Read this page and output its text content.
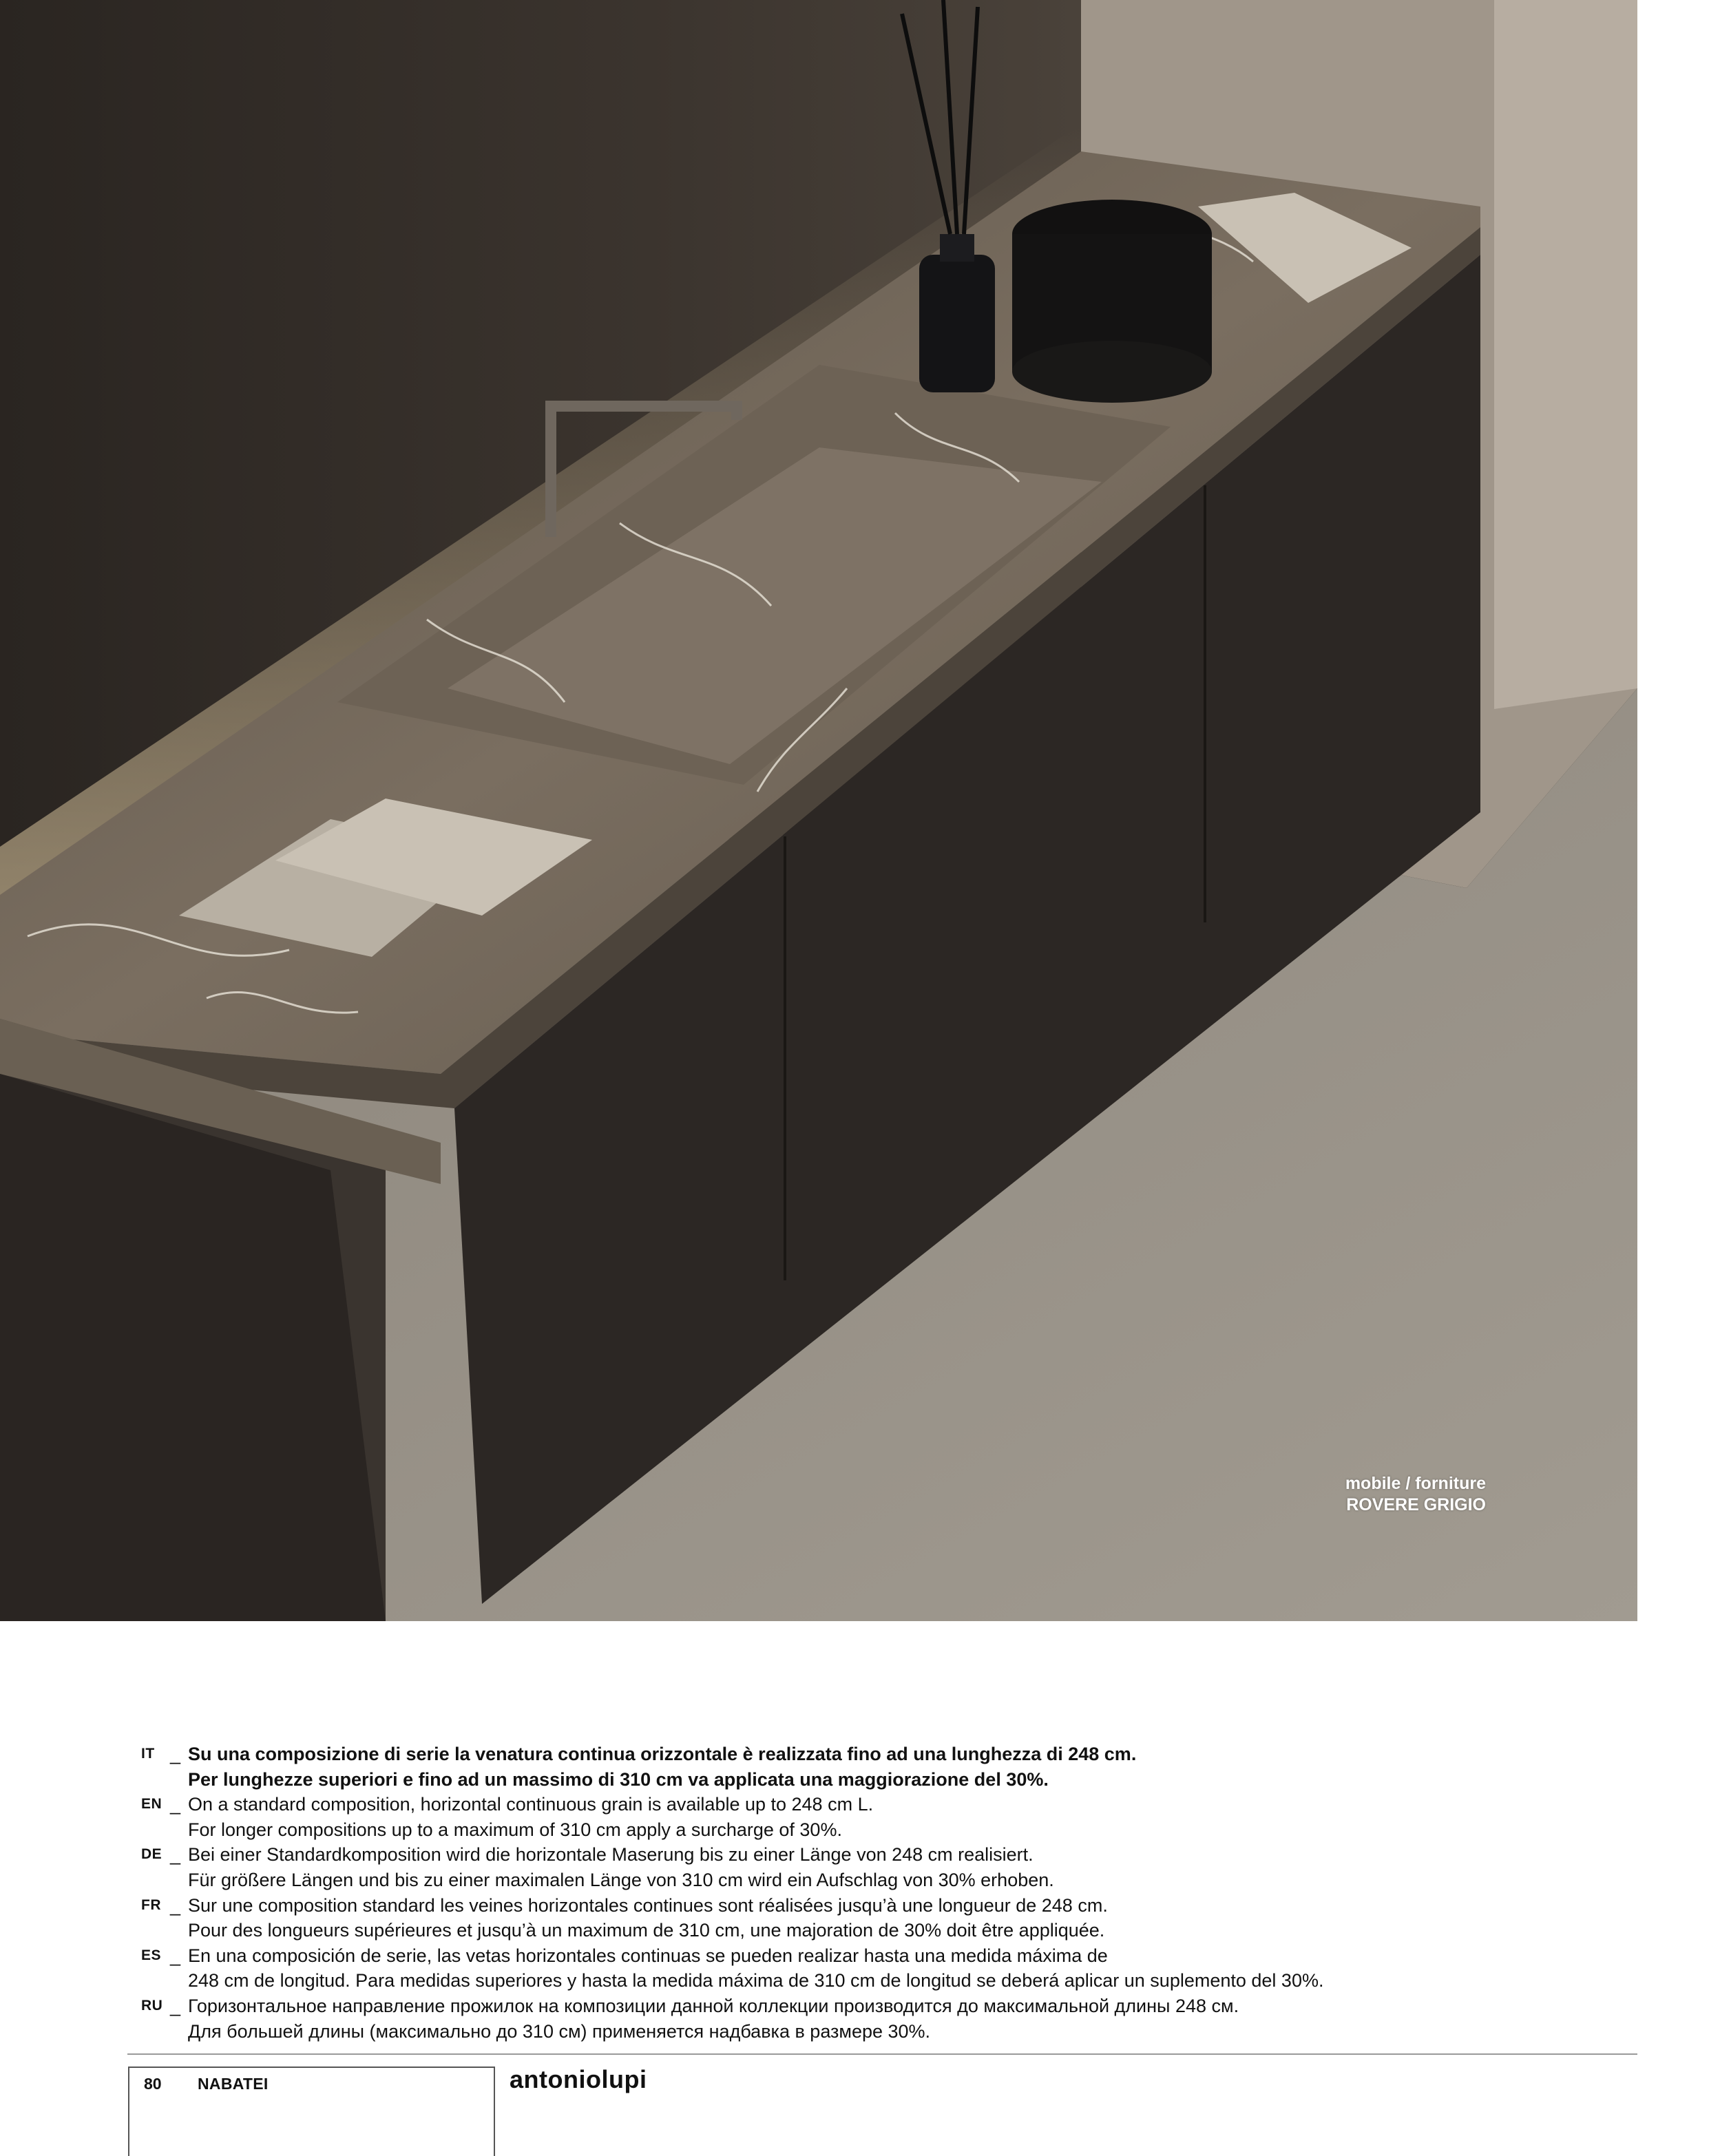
mobile / forniture
ROVERE GRIGIO
IT _ Su una composizione di serie la venatura continua orizzontale è realizzata fino ad una lunghezza di 248 cm.
Per lunghezze superiori e fino ad un massimo di 310 cm va applicata una maggiorazione del 30%.
EN _ On a standard composition, horizontal continuous grain is available up to 248 cm L.
For longer compositions up to a maximum of 310 cm apply a surcharge of 30%.
DE _ Bei einer Standardkomposition wird die horizontale Maserung bis zu einer Länge von 248 cm realisiert.
Für größere Längen und bis zu einer maximalen Länge von 310 cm wird ein Aufschlag von 30% erhoben.
FR _ Sur une composition standard les veines horizontales continues sont réalisées jusqu’à une longueur de 248 cm.
Pour des longueurs supérieures et jusqu’à un maximum de 310 cm, une majoration de 30% doit être appliquée.
ES _ En una composición de serie, las vetas horizontales continuas se pueden realizar hasta una medida máxima de
248 cm de longitud. Para medidas superiores y hasta la medida máxima de 310 cm de longitud se deberá aplicar un suplemento del 30%.
RU _ Горизонтальное направление прожилок на композиции данной коллекции производится до максимальной длины 248 см.
Для большей длины (максимально до 310 см) применяется надбавка в размере 30%.
80 NABATEI	antoniolupi
